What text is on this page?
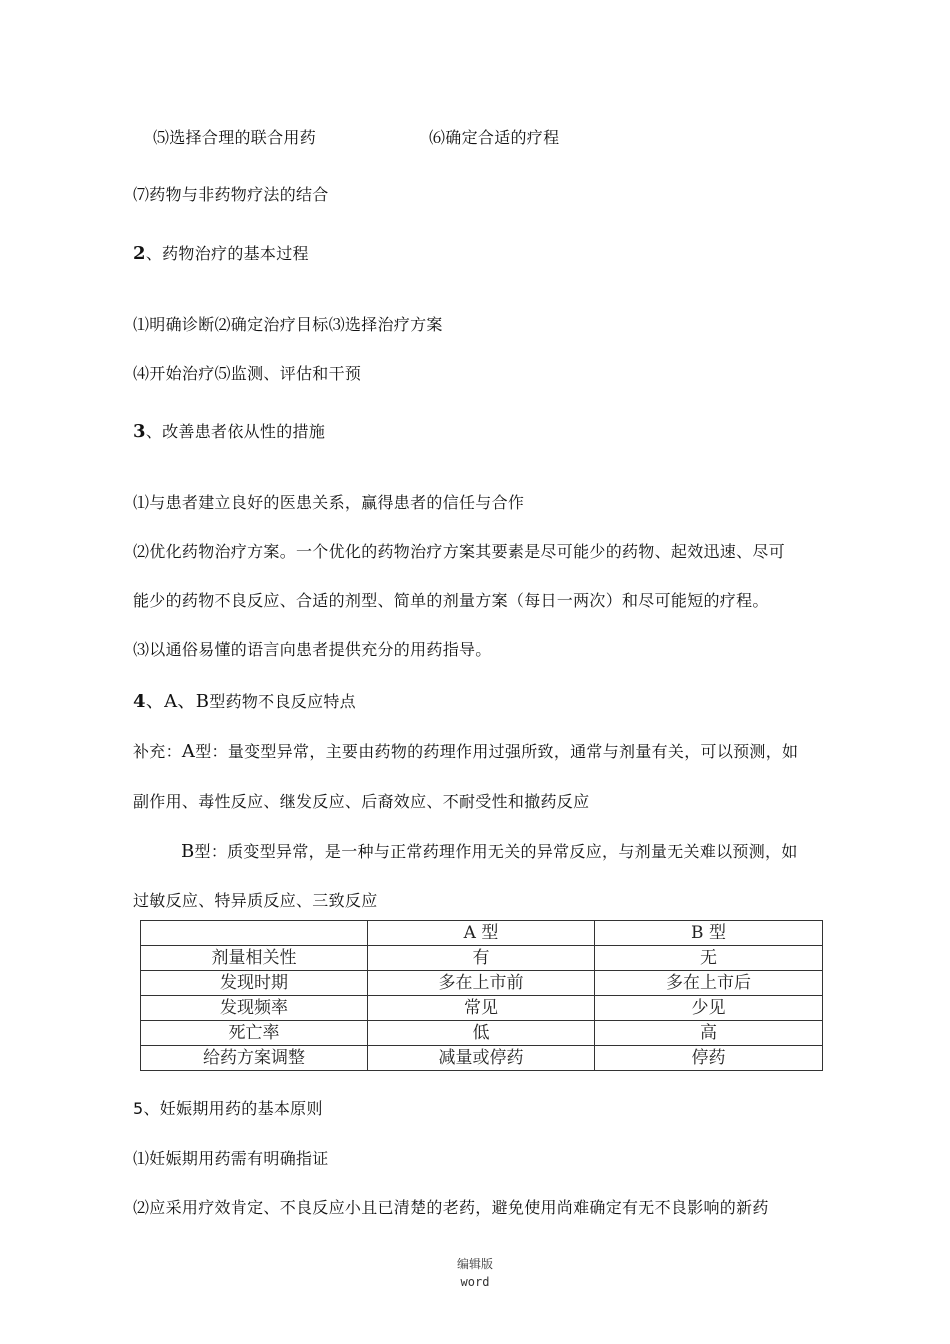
⑸选择合理的联合用药	⑹确定合适的疗程
⑺药物与非药物疗法的结合
2、药物治疗的基本过程
⑴明确诊断⑵确定治疗目标⑶选择治疗方案
⑷开始治疗⑸监测、评估和干预
3、改善患者依从性的措施
⑴与患者建立良好的医患关系，赢得患者的信任与合作
⑵优化药物治疗方案。一个优化的药物治疗方案其要素是尽可能少的药物、起效迅速、尽可
能少的药物不良反应、合适的剂型、简单的剂量方案（每日一两次）和尽可能短的疗程。
⑶以通俗易懂的语言向患者提供充分的用药指导。
4、A、B型药物不良反应特点
补充：A型：量变型异常，主要由药物的药理作用过强所致，通常与剂量有关，可以预测，如
副作用、毒性反应、继发反应、后裔效应、不耐受性和撤药反应
B型：质变型异常，是一种与正常药理作用无关的异常反应，与剂量无关难以预测，如
过敏反应、特异质反应、三致反应
	A 型	B 型
剂量相关性	有	无
发现时期	多在上市前	多在上市后
发现频率	常见	少见
死亡率	低	高
给药方案调整	减量或停药	停药
5、妊娠期用药的基本原则
⑴妊娠期用药需有明确指证
⑵应采用疗效肯定、不良反应小且已清楚的老药，避免使用尚难确定有无不良影响的新药
编辑版
word
